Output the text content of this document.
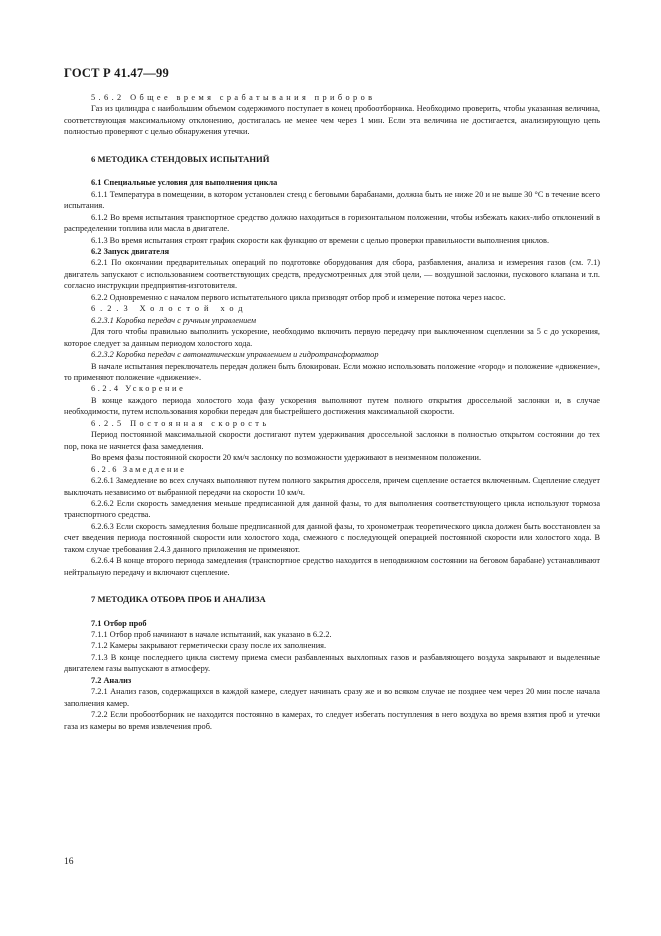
ГОСТ Р 41.47—99

5.6.2 Общее время срабатывания приборов

Газ из цилиндра с наибольшим объемом содержимого поступает в конец пробоотборника. Необходимо проверить, чтобы указанная величина, соответствующая максимальному отклонению, достигалась не менее чем через 1 мин. Если эта величина не достигается, анализирующую цепь полностью проверяют с целью обнаружения утечки.

6 МЕТОДИКА СТЕНДОВЫХ ИСПЫТАНИЙ

6.1 Специальные условия для выполнения цикла

6.1.1 Температура в помещении, в котором установлен стенд с беговыми барабанами, должна быть не ниже 20 и не выше 30 °С в течение всего испытания.

6.1.2 Во время испытания транспортное средство должно находиться в горизонтальном положении, чтобы избежать каких-либо отклонений в распределении топлива или масла в двигателе.

6.1.3 Во время испытания строят график скорости как функцию от времени с целью проверки правильности выполнения циклов.

6.2 Запуск двигателя

6.2.1 По окончании предварительных операций по подготовке оборудования для сбора, разбавления, анализа и измерения газов (см. 7.1) двигатель запускают с использованием соответствующих средств, предусмотренных для этой цели, — воздушной заслонки, пускового клапана и т.п. согласно инструкции предприятия-изготовителя.

6.2.2 Одновременно с началом первого испытательного цикла призводят отбор проб и измерение потока через насос.

6.2.3 Холостой ход

6.2.3.1 Коробка передач с ручным управлением

Для того чтобы правильно выполнить ускорение, необходимо включить первую передачу при выключенном сцеплении за 5 с до ускорения, которое следует за данным периодом холостого хода.

6.2.3.2 Коробка передач с автоматическим управлением и гидротрансформатор

В начале испытания переключатель передач должен быть блокирован. Если можно использовать положение «город» и положение «движение», то применяют положение «движение».

6.2.4 Ускорение

В конце каждого периода холостого хода фазу ускорения выполняют путем полного открытия дроссельной заслонки и, в случае необходимости, путем использования коробки передач для быстрейшего достижения максимальной скорости.

6.2.5 Постоянная скорость

Период постоянной максимальной скорости достигают путем удерживания дроссельной заслонки в полностью открытом состоянии до тех пор, пока не начнется фаза замедления.

Во время фазы постоянной скорости 20 км/ч заслонку по возможности удерживают в неизменном положении.

6.2.6 Замедление

6.2.6.1 Замедление во всех случаях выполняют путем полного закрытия дросселя, причем сцепление остается включенным. Сцепление следует выключать независимо от выбранной передачи на скорости 10 км/ч.

6.2.6.2 Если скорость замедления меньше предписанной для данной фазы, то для выполнения соответствующего цикла используют тормоза транспортного средства.

6.2.6.3 Если скорость замедления больше предписанной для данной фазы, то хронометраж теоретического цикла должен быть восстановлен за счет введения периода постоянной скорости или холостого хода, смежного с последующей операцией постоянной скорости или холостого хода. В таком случае требования 2.4.3 данного приложения не применяют.

6.2.6.4 В конце второго периода замедления (транспортное средство находится в неподвижном состоянии на беговом барабане) устанавливают нейтральную передачу и включают сцепление.

7 МЕТОДИКА ОТБОРА ПРОБ И АНАЛИЗА

7.1 Отбор проб

7.1.1 Отбор проб начинают в начале испытаний, как указано в 6.2.2.

7.1.2 Камеры закрывают герметически сразу после их заполнения.

7.1.3 В конце последнего цикла систему приема смеси разбавленных выхлопных газов и разбавляющего воздуха закрывают и выделенные двигателем газы выпускают в атмосферу.

7.2 Анализ

7.2.1 Анализ газов, содержащихся в каждой камере, следует начинать сразу же и во всяком случае не позднее чем через 20 мин после начала заполнения камер.

7.2.2 Если пробоотборник не находится постоянно в камерах, то следует избегать поступления в него воздуха во время взятия проб и утечки газа из камеры во время извлечения проб.

16
